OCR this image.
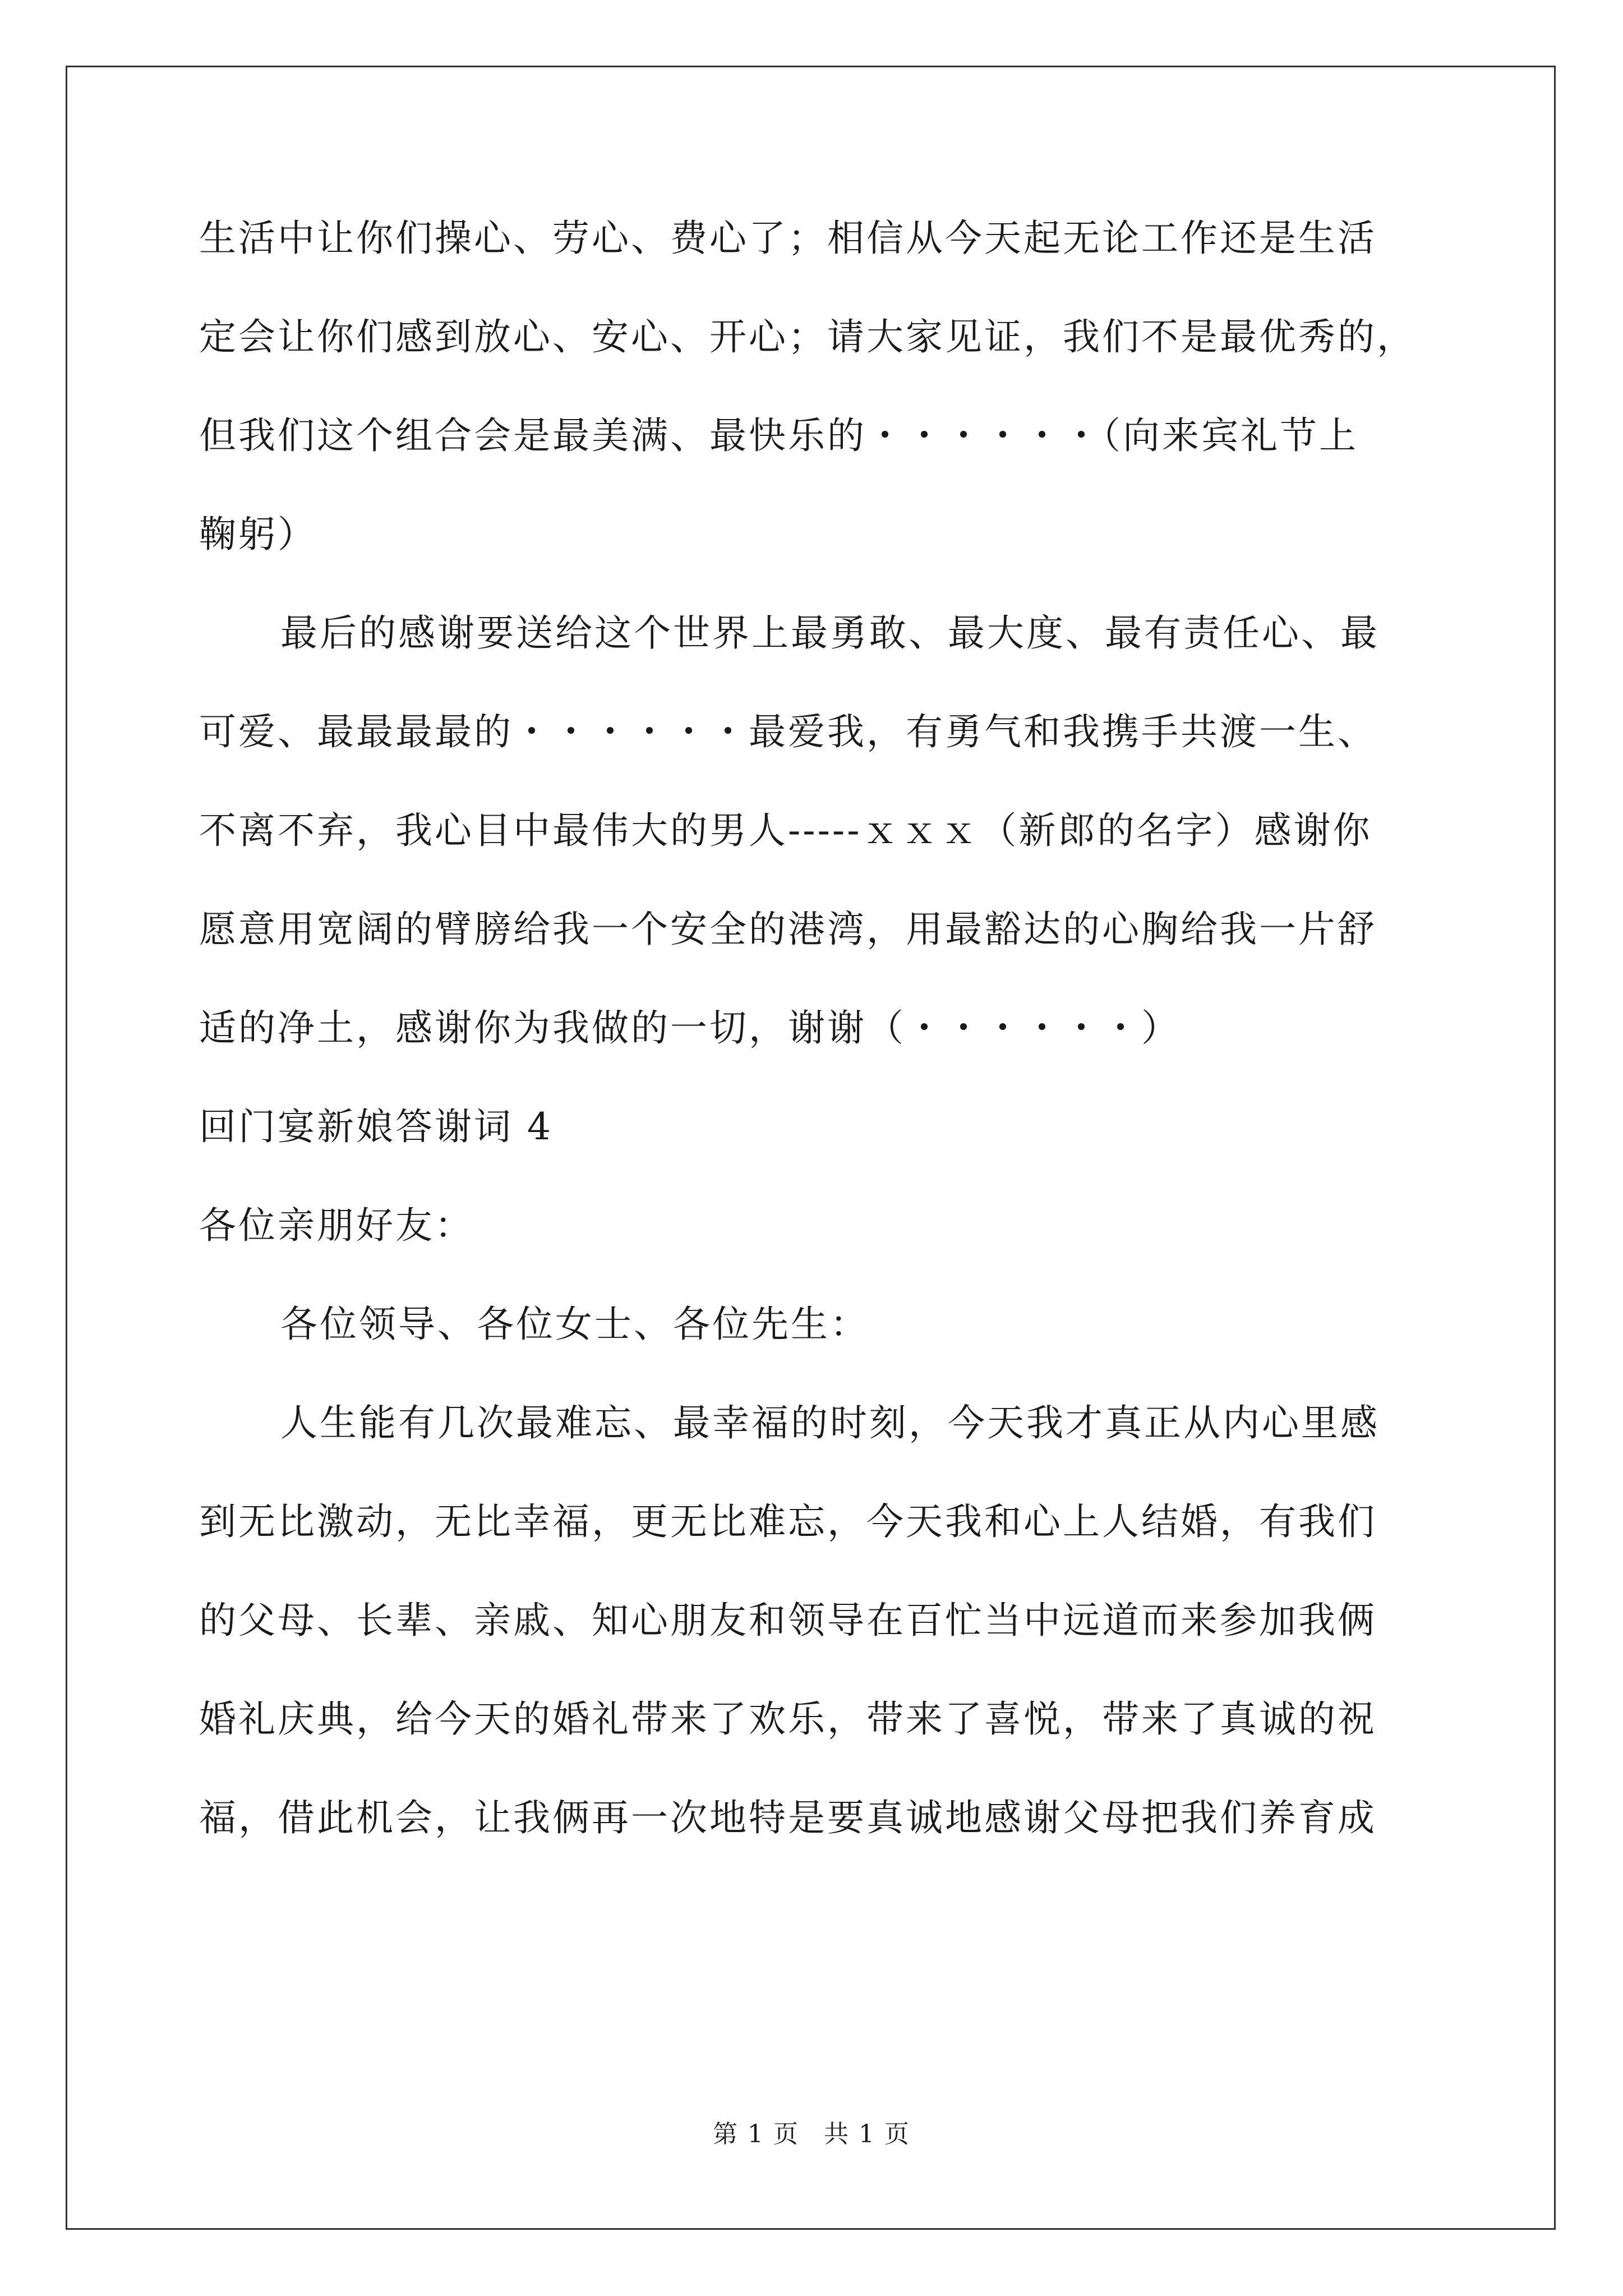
生活中让你们操心、劳心、费心了；相信从今天起无论工作还是生活
定会让你们感到放心、安心、开心；请大家见证，我们不是最优秀的，
但我们这个组合会是最美满、最快乐的・・・・・・（向来宾礼节上
鞠躬）
最后的感谢要送给这个世界上最勇敢、最大度、最有责任心、最
可爱、最最最最的・・・・・・最爱我，有勇气和我携手共渡一生、
不离不弃，我心目中最伟大的男人-----ｘｘｘ（新郎的名字）感谢你
愿意用宽阔的臂膀给我一个安全的港湾，用最豁达的心胸给我一片舒
适的净土，感谢你为我做的一切，谢谢（・・・・・・）
回门宴新娘答谢词 4
各位亲朋好友：
各位领导、各位女士、各位先生：
人生能有几次最难忘、最幸福的时刻，今天我才真正从内心里感
到无比激动，无比幸福，更无比难忘，今天我和心上人结婚，有我们
的父母、长辈、亲戚、知心朋友和领导在百忙当中远道而来参加我俩
婚礼庆典，给今天的婚礼带来了欢乐，带来了喜悦，带来了真诚的祝
福，借此机会，让我俩再一次地特是要真诚地感谢父母把我们养育成
第 1 页 共 1 页
